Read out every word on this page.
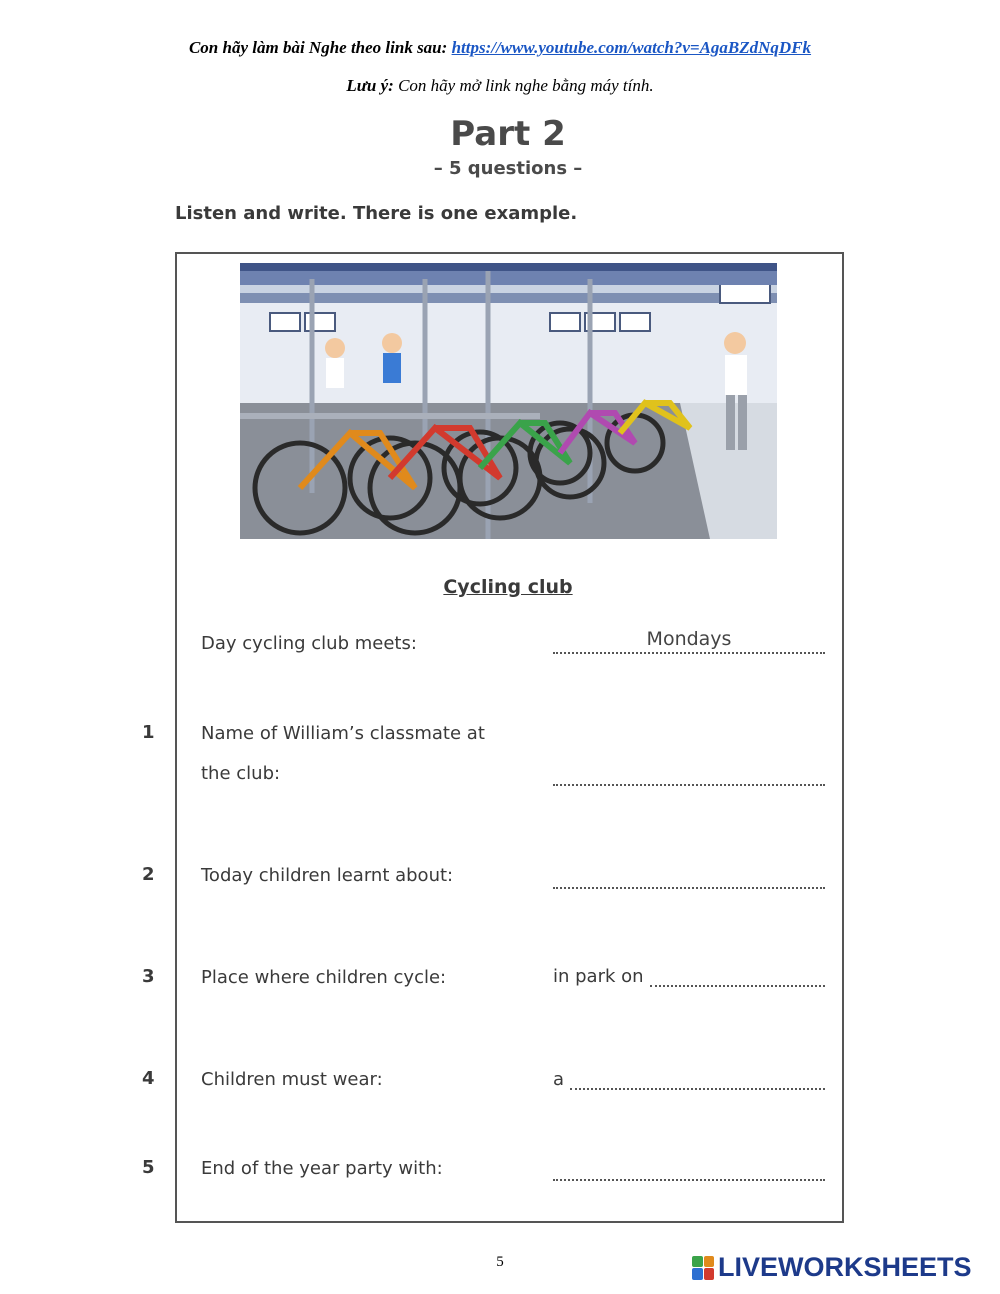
Con hãy làm bài Nghe theo link sau: https://www.youtube.com/watch?v=AgaBZdNqDFk
Lưu ý: Con hãy mở link nghe bằng máy tính.
Part 2
– 5 questions –
Listen and write. There is one example.
Cycling club
Day cycling club meets:	Mondays
1	Name of William’s classmate at
the club:
2	Today children learnt about:
3	Place where children cycle:	in park on
4	Children must wear:	a
5	End of the year party with:
5	LIVEWORKSHEETS
